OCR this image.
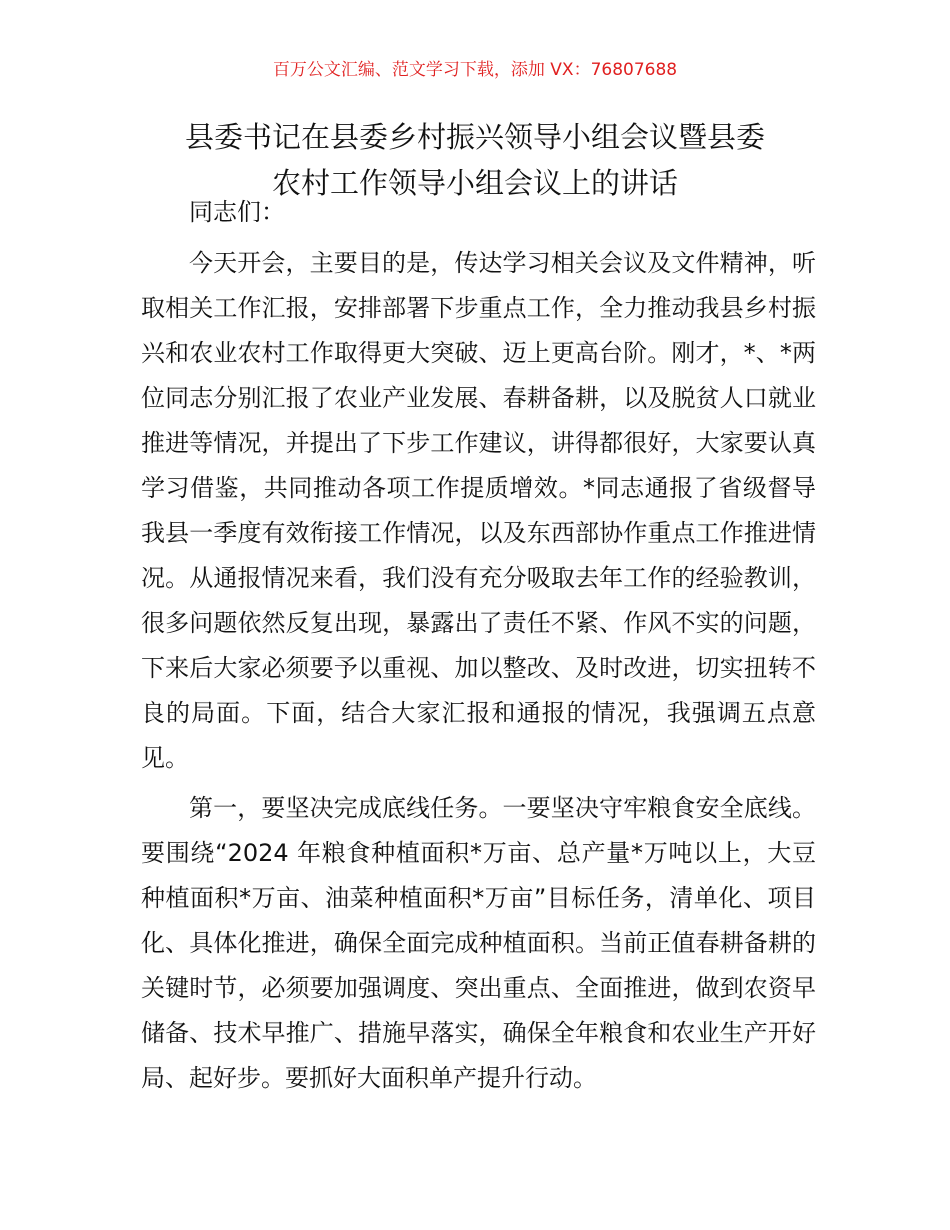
百万公文汇编、范文学习下载，添加 VX：76807688
县委书记在县委乡村振兴领导小组会议暨县委
农村工作领导小组会议上的讲话

同志们：

今天开会，主要目的是，传达学习相关会议及文件精神，听取相关工作汇报，安排部署下步重点工作，全力推动我县乡村振兴和农业农村工作取得更大突破、迈上更高台阶。刚才，*、*两位同志分别汇报了农业产业发展、春耕备耕，以及脱贫人口就业推进等情况，并提出了下步工作建议，讲得都很好，大家要认真学习借鉴，共同推动各项工作提质增效。*同志通报了省级督导我县一季度有效衔接工作情况，以及东西部协作重点工作推进情况。从通报情况来看，我们没有充分吸取去年工作的经验教训，很多问题依然反复出现，暴露出了责任不紧、作风不实的问题，下来后大家必须要予以重视、加以整改、及时改进，切实扭转不良的局面。下面，结合大家汇报和通报的情况，我强调五点意见。

第一，要坚决完成底线任务。一要坚决守牢粮食安全底线。要围绕“2024 年粮食种植面积*万亩、总产量*万吨以上，大豆种植面积*万亩、油菜种植面积*万亩”目标任务，清单化、项目化、具体化推进，确保全面完成种植面积。当前正值春耕备耕的关键时节，必须要加强调度、突出重点、全面推进，做到农资早储备、技术早推广、措施早落实，确保全年粮食和农业生产开好局、起好步。要抓好大面积单产提升行动。
